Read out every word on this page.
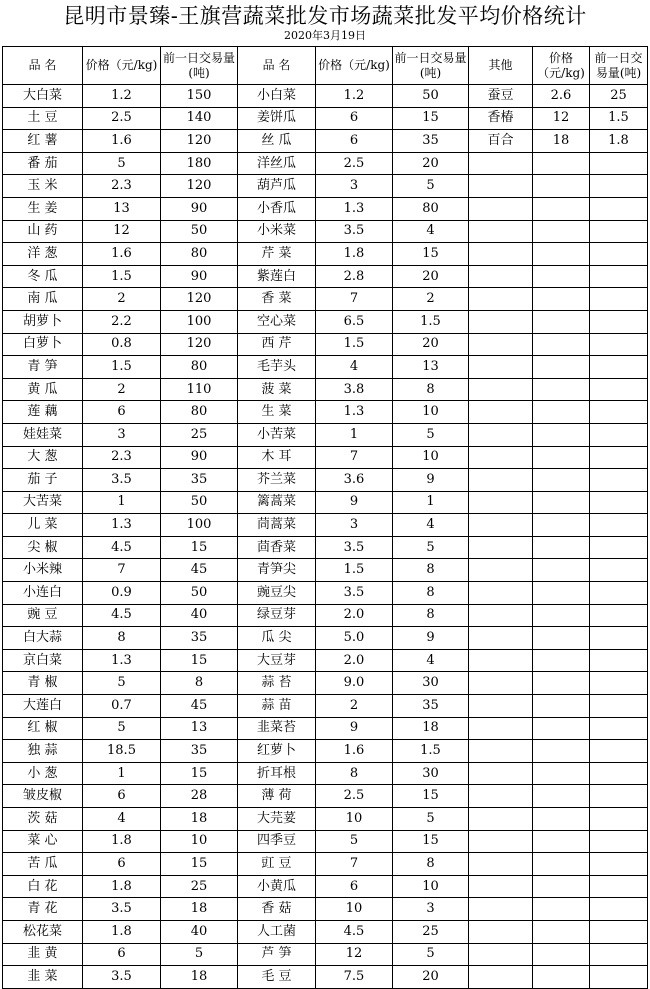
昆明市景臻-王旗营蔬菜批发市场蔬菜批发平均价格统计
2020年3月19日
品 名	价格（元/kg)	前一日交易量(吨)	品 名	价格（元/kg)	前一日交易量(吨)	其他	价格（元/kg)	前一日交易量(吨)
大白菜	1.2	150	小白菜	1.2	50	蚕豆	2.6	25
土 豆	2.5	140	姜饼瓜	6	15	香椿	12	1.5
红 薯	1.6	120	丝 瓜	6	35	百合	18	1.8
番 茄	5	180	洋丝瓜	2.5	20			
玉 米	2.3	120	葫芦瓜	3	5			
生 姜	13	90	小香瓜	1.3	80			
山 药	12	50	小米菜	3.5	4			
洋 葱	1.6	80	芹 菜	1.8	15			
冬 瓜	1.5	90	紫莲白	2.8	20			
南 瓜	2	120	香 菜	7	2			
胡萝卜	2.2	100	空心菜	6.5	1.5			
白萝卜	0.8	120	西 芹	1.5	20			
青 笋	1.5	80	毛芋头	4	13			
黄 瓜	2	110	菠 菜	3.8	8			
莲 藕	6	80	生 菜	1.3	10			
娃娃菜	3	25	小苦菜	1	5			
大 葱	2.3	90	木 耳	7	10			
茄 子	3.5	35	芥兰菜	3.6	9			
大苦菜	1	50	篱蒿菜	9	1			
儿 菜	1.3	100	茼蒿菜	3	4			
尖 椒	4.5	15	茴香菜	3.5	5			
小米辣	7	45	青笋尖	1.5	8			
小连白	0.9	50	豌豆尖	3.5	8			
豌 豆	4.5	40	绿豆芽	2.0	8			
白大蒜	8	35	瓜 尖	5.0	9			
京白菜	1.3	15	大豆芽	2.0	4			
青 椒	5	8	蒜 苔	9.0	30			
大莲白	0.7	45	蒜 苗	2	35			
红 椒	5	13	韭菜苔	9	18			
独 蒜	18.5	35	红萝卜	1.6	1.5			
小 葱	1	15	折耳根	8	30			
皱皮椒	6	28	薄 荷	2.5	15			
茨 菇	4	18	大芫荽	10	5			
菜 心	1.8	10	四季豆	5	15			
苦 瓜	6	15	豇 豆	7	8			
白 花	1.8	25	小黄瓜	6	10			
青 花	3.5	18	香 菇	10	3			
松花菜	1.8	40	人工菌	4.5	25			
韭 黄	6	5	芦 笋	12	5			
韭 菜	3.5	18	毛 豆	7.5	20			
